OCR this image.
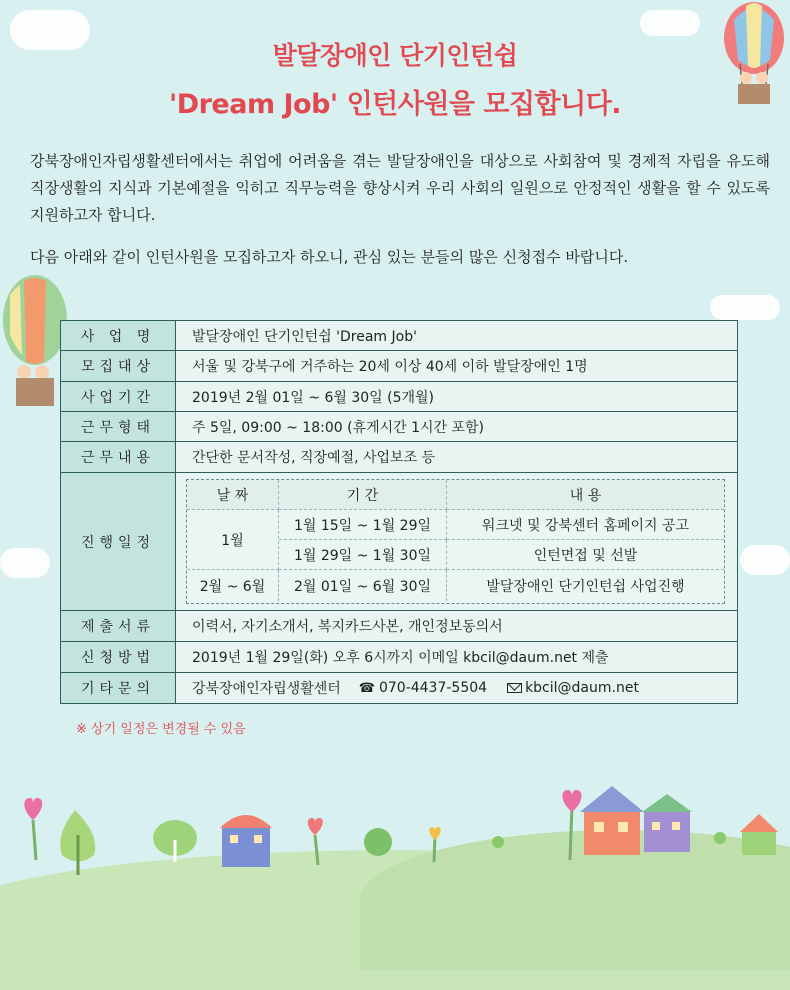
발달장애인 단기인턴쉽
'Dream Job' 인턴사원을 모집합니다.
강북장애인자립생활센터에서는 취업에 어려움을 겪는 발달장애인을 대상으로 사회참여 및 경제적 자립을 유도해 직장생활의 지식과 기본예절을 익히고 직무능력을 향상시켜 우리 사회의 일원으로 안정적인 생활을 할 수 있도록 지원하고자 합니다.
다음 아래와 같이 인턴사원을 모집하고자 하오니, 관심 있는 분들의 많은 신청접수 바랍니다.
사 업 명	발달장애인 단기인턴쉽 'Dream Job'
모집대상	서울 및 강북구에 거주하는 20세 이상 40세 이하 발달장애인 1명
사업기간	2019년 2월 01일 ~ 6월 30일 (5개월)
근무형태	주 5일, 09:00 ~ 18:00 (휴게시간 1시간 포함)
근무내용	간단한 문서작성, 직장예절, 사업보조 등
진행일정
날 짜	기 간	내 용
1월
1월 15일 ~ 1월 29일	워크넷 및 강북센터 홈페이지 공고
1월 29일 ~ 1월 30일	인턴면접 및 선발
2월 ~ 6월	2월 01일 ~ 6월 30일	발달장애인 단기인턴쉽 사업진행
제출서류	이력서, 자기소개서, 복지카드사본, 개인정보동의서
신청방법	2019년 1월 29일(화) 오후 6시까지 이메일 kbcil@daum.net 제출
기타문의	강북장애인자립생활센터 ☎ 070-4437-5504	kbcil@daum.net
※ 상기 일정은 변경될 수 있음
